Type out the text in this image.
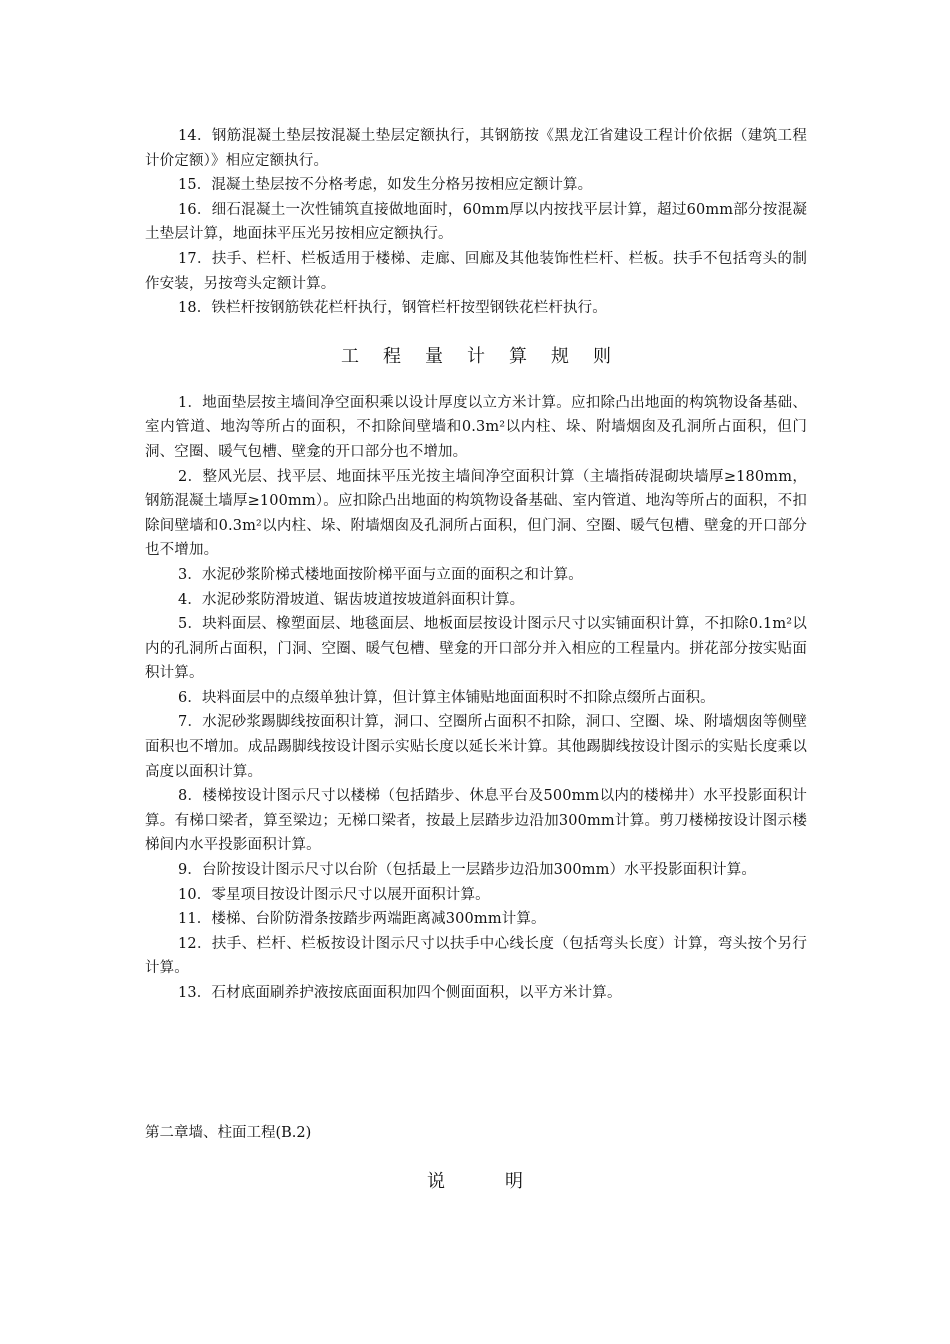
14．钢筋混凝土垫层按混凝土垫层定额执行，其钢筋按《黑龙江省建设工程计价依据（建筑工程计价定额）》相应定额执行。

15．混凝土垫层按不分格考虑，如发生分格另按相应定额计算。

16．细石混凝土一次性铺筑直接做地面时，60mm厚以内按找平层计算，超过60mm部分按混凝土垫层计算，地面抹平压光另按相应定额执行。

17．扶手、栏杆、栏板适用于楼梯、走廊、回廊及其他装饰性栏杆、栏板。扶手不包括弯头的制作安装，另按弯头定额计算。

18．铁栏杆按钢筋铁花栏杆执行，钢管栏杆按型钢铁花栏杆执行。

工程量计算规则

1．地面垫层按主墙间净空面积乘以设计厚度以立方米计算。应扣除凸出地面的构筑物设备基础、室内管道、地沟等所占的面积，不扣除间壁墙和0.3m²以内柱、垛、附墙烟囱及孔洞所占面积，但门洞、空圈、暖气包槽、壁龛的开口部分也不增加。

2．整风光层、找平层、地面抹平压光按主墙间净空面积计算（主墙指砖混砌块墙厚≥180mm，钢筋混凝土墙厚≥100mm）。应扣除凸出地面的构筑物设备基础、室内管道、地沟等所占的面积，不扣除间壁墙和0.3m²以内柱、垛、附墙烟囱及孔洞所占面积，但门洞、空圈、暖气包槽、壁龛的开口部分也不增加。

3．水泥砂浆阶梯式楼地面按阶梯平面与立面的面积之和计算。

4．水泥砂浆防滑坡道、锯齿坡道按坡道斜面积计算。

5．块料面层、橡塑面层、地毯面层、地板面层按设计图示尺寸以实铺面积计算，不扣除0.1m²以内的孔洞所占面积，门洞、空圈、暖气包槽、壁龛的开口部分并入相应的工程量内。拼花部分按实贴面积计算。

6．块料面层中的点缀单独计算，但计算主体铺贴地面面积时不扣除点缀所占面积。

7．水泥砂浆踢脚线按面积计算，洞口、空圈所占面积不扣除，洞口、空圈、垛、附墙烟囱等侧壁面积也不增加。成品踢脚线按设计图示实贴长度以延长米计算。其他踢脚线按设计图示的实贴长度乘以高度以面积计算。

8．楼梯按设计图示尺寸以楼梯（包括踏步、休息平台及500mm以内的楼梯井）水平投影面积计算。有梯口梁者，算至梁边；无梯口梁者，按最上层踏步边沿加300mm计算。剪刀楼梯按设计图示楼梯间内水平投影面积计算。

9．台阶按设计图示尺寸以台阶（包括最上一层踏步边沿加300mm）水平投影面积计算。

10．零星项目按设计图示尺寸以展开面积计算。

11．楼梯、台阶防滑条按踏步两端距离减300mm计算。

12．扶手、栏杆、栏板按设计图示尺寸以扶手中心线长度（包括弯头长度）计算，弯头按个另行计算。

13．石材底面刷养护液按底面面积加四个侧面面积，以平方米计算。

第二章墙、柱面工程(B.2)
说明
